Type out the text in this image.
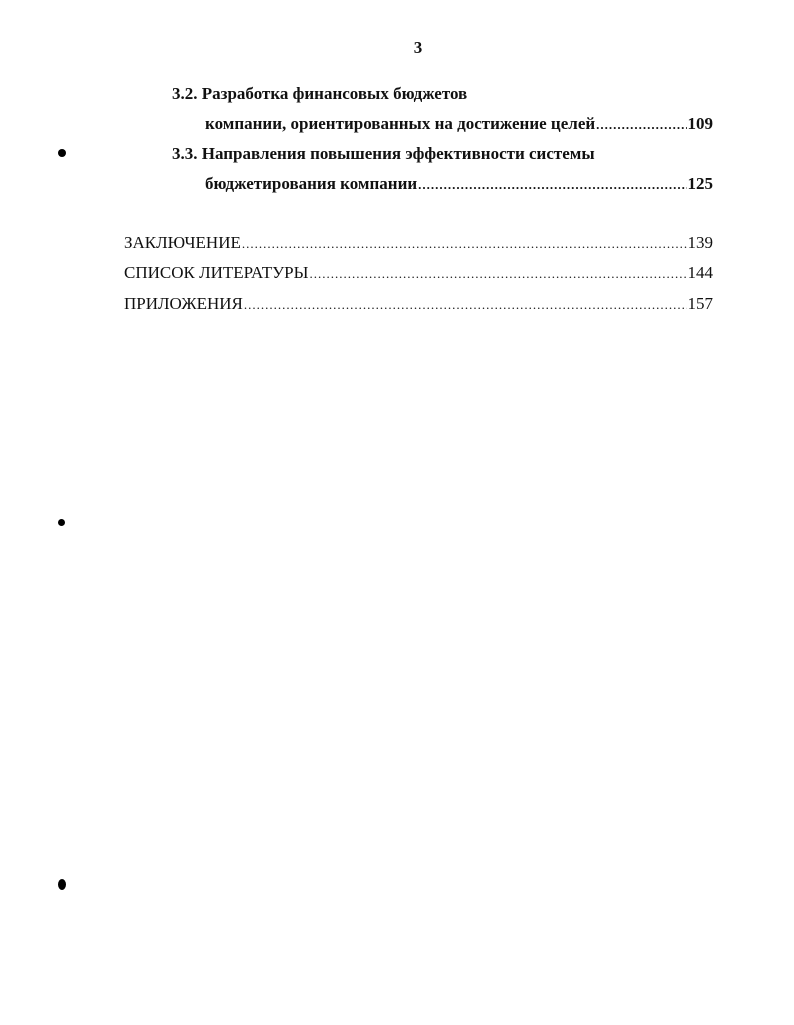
3
3.2. Разработка финансовых бюджетов
компании, ориентированных на достижение целей .....	109
3.3. Направления повышения эффективности системы
бюджетирования компании .....	125
ЗАКЛЮЧЕНИЕ .....	139
СПИСОК ЛИТЕРАТУРЫ .....	144
ПРИЛОЖЕНИЯ .....	157
